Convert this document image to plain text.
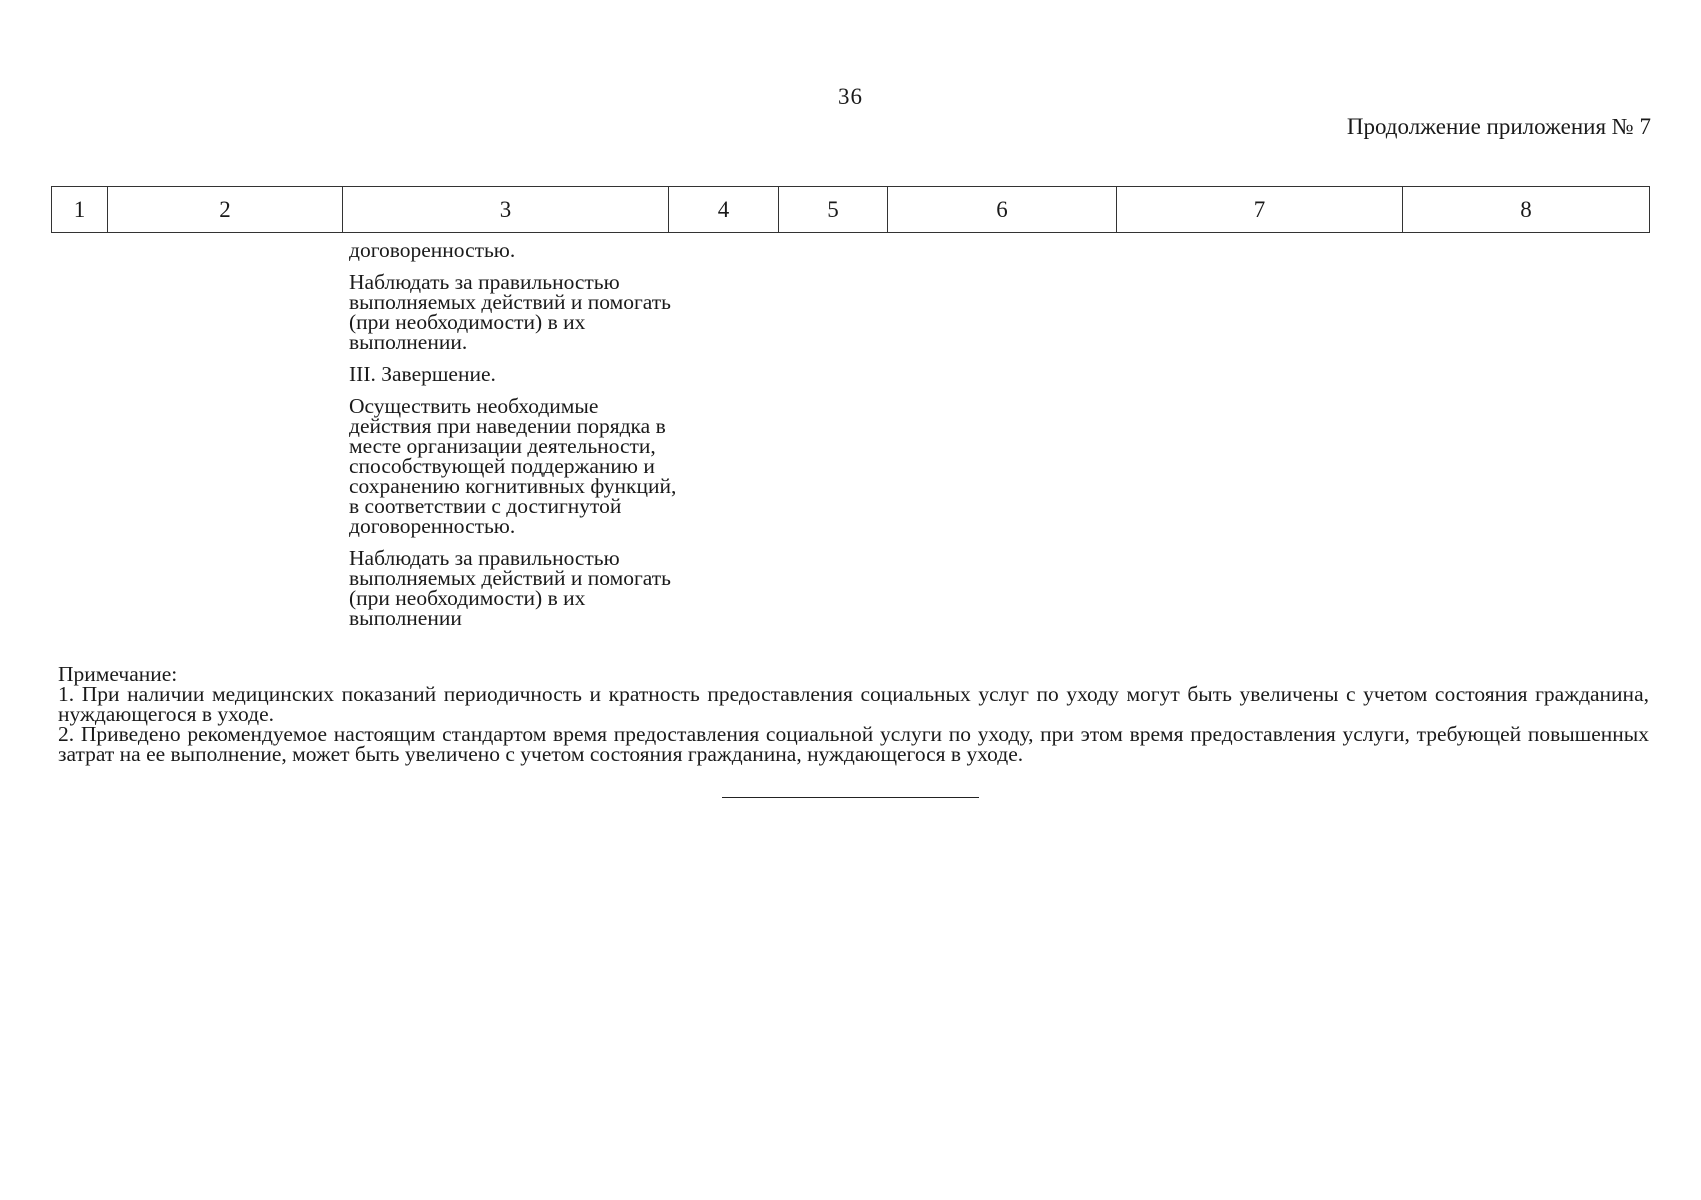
36
Продолжение приложения № 7
1	2	3	4	5	6	7	8

договоренностью.

Наблюдать за правильностью выполняемых действий и помогать (при необходимости) в их выполнении.

III. Завершение.

Осуществить необходимые действия при наведении порядка в месте организации деятельности, способствующей поддержанию и сохранению когнитивных функций, в соответствии с достигнутой договоренностью.

Наблюдать за правильностью выполняемых действий и помогать (при необходимости) в их выполнении

Примечание:

1. При наличии медицинских показаний периодичность и кратность предоставления социальных услуг по уходу могут быть увеличены с учетом состояния гражданина, нуждающегося в уходе.

2. Приведено рекомендуемое настоящим стандартом время предоставления социальной услуги по уходу, при этом время предоставления услуги, требующей повышенных затрат на ее выполнение, может быть увеличено с учетом состояния гражданина, нуждающегося в уходе.
